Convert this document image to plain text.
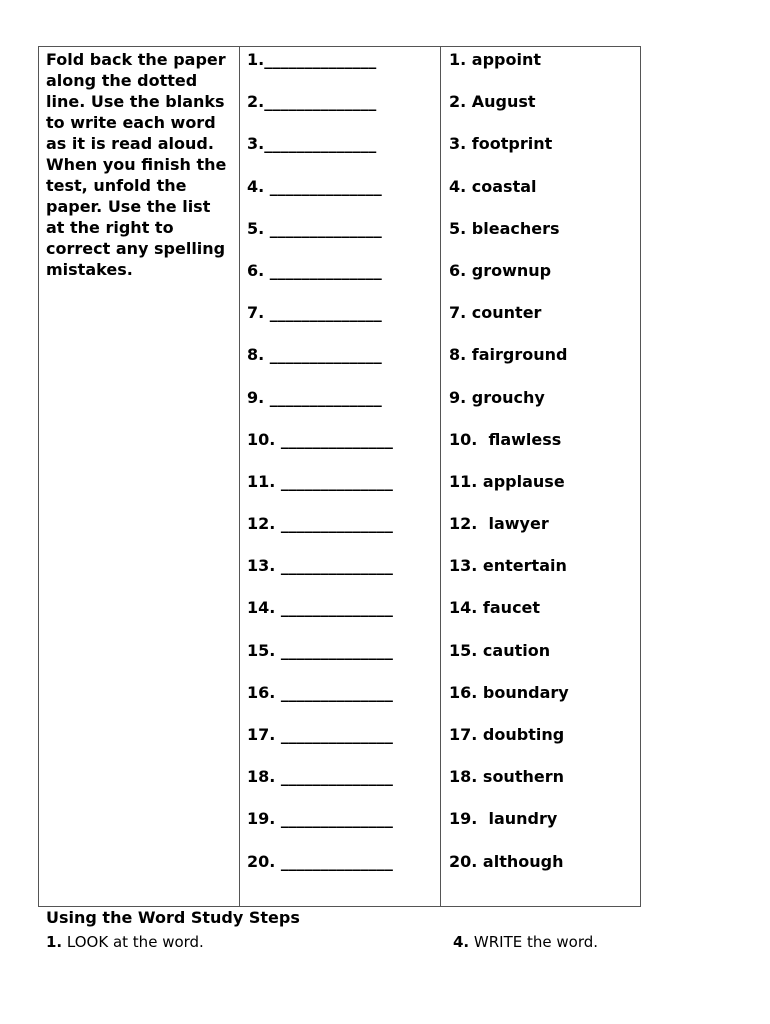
Fold back the paper along the dotted line. Use the blanks to write each word as it is read aloud. When you finish the test, unfold the paper. Use the list at the right to correct any spelling mistakes.

1.______________
2.______________
3.______________
4. ______________
5. ______________
6. ______________
7. ______________
8. ______________
9. ______________
10. ______________
11. ______________
12. ______________
13. ______________
14. ______________
15. ______________
16. ______________
17. ______________
18. ______________
19. ______________
20. ______________
1. appoint
2. August
3. footprint
4. coastal
5. bleachers
6. grownup
7. counter
8. fairground
9. grouchy
10.  flawless
11. applause
12.  lawyer
13. entertain
14. faucet
15. caution
16. boundary
17. doubting
18. southern
19.  laundry
20. although
Using the Word Study Steps
1. LOOK at the word.	4. WRITE the word.
